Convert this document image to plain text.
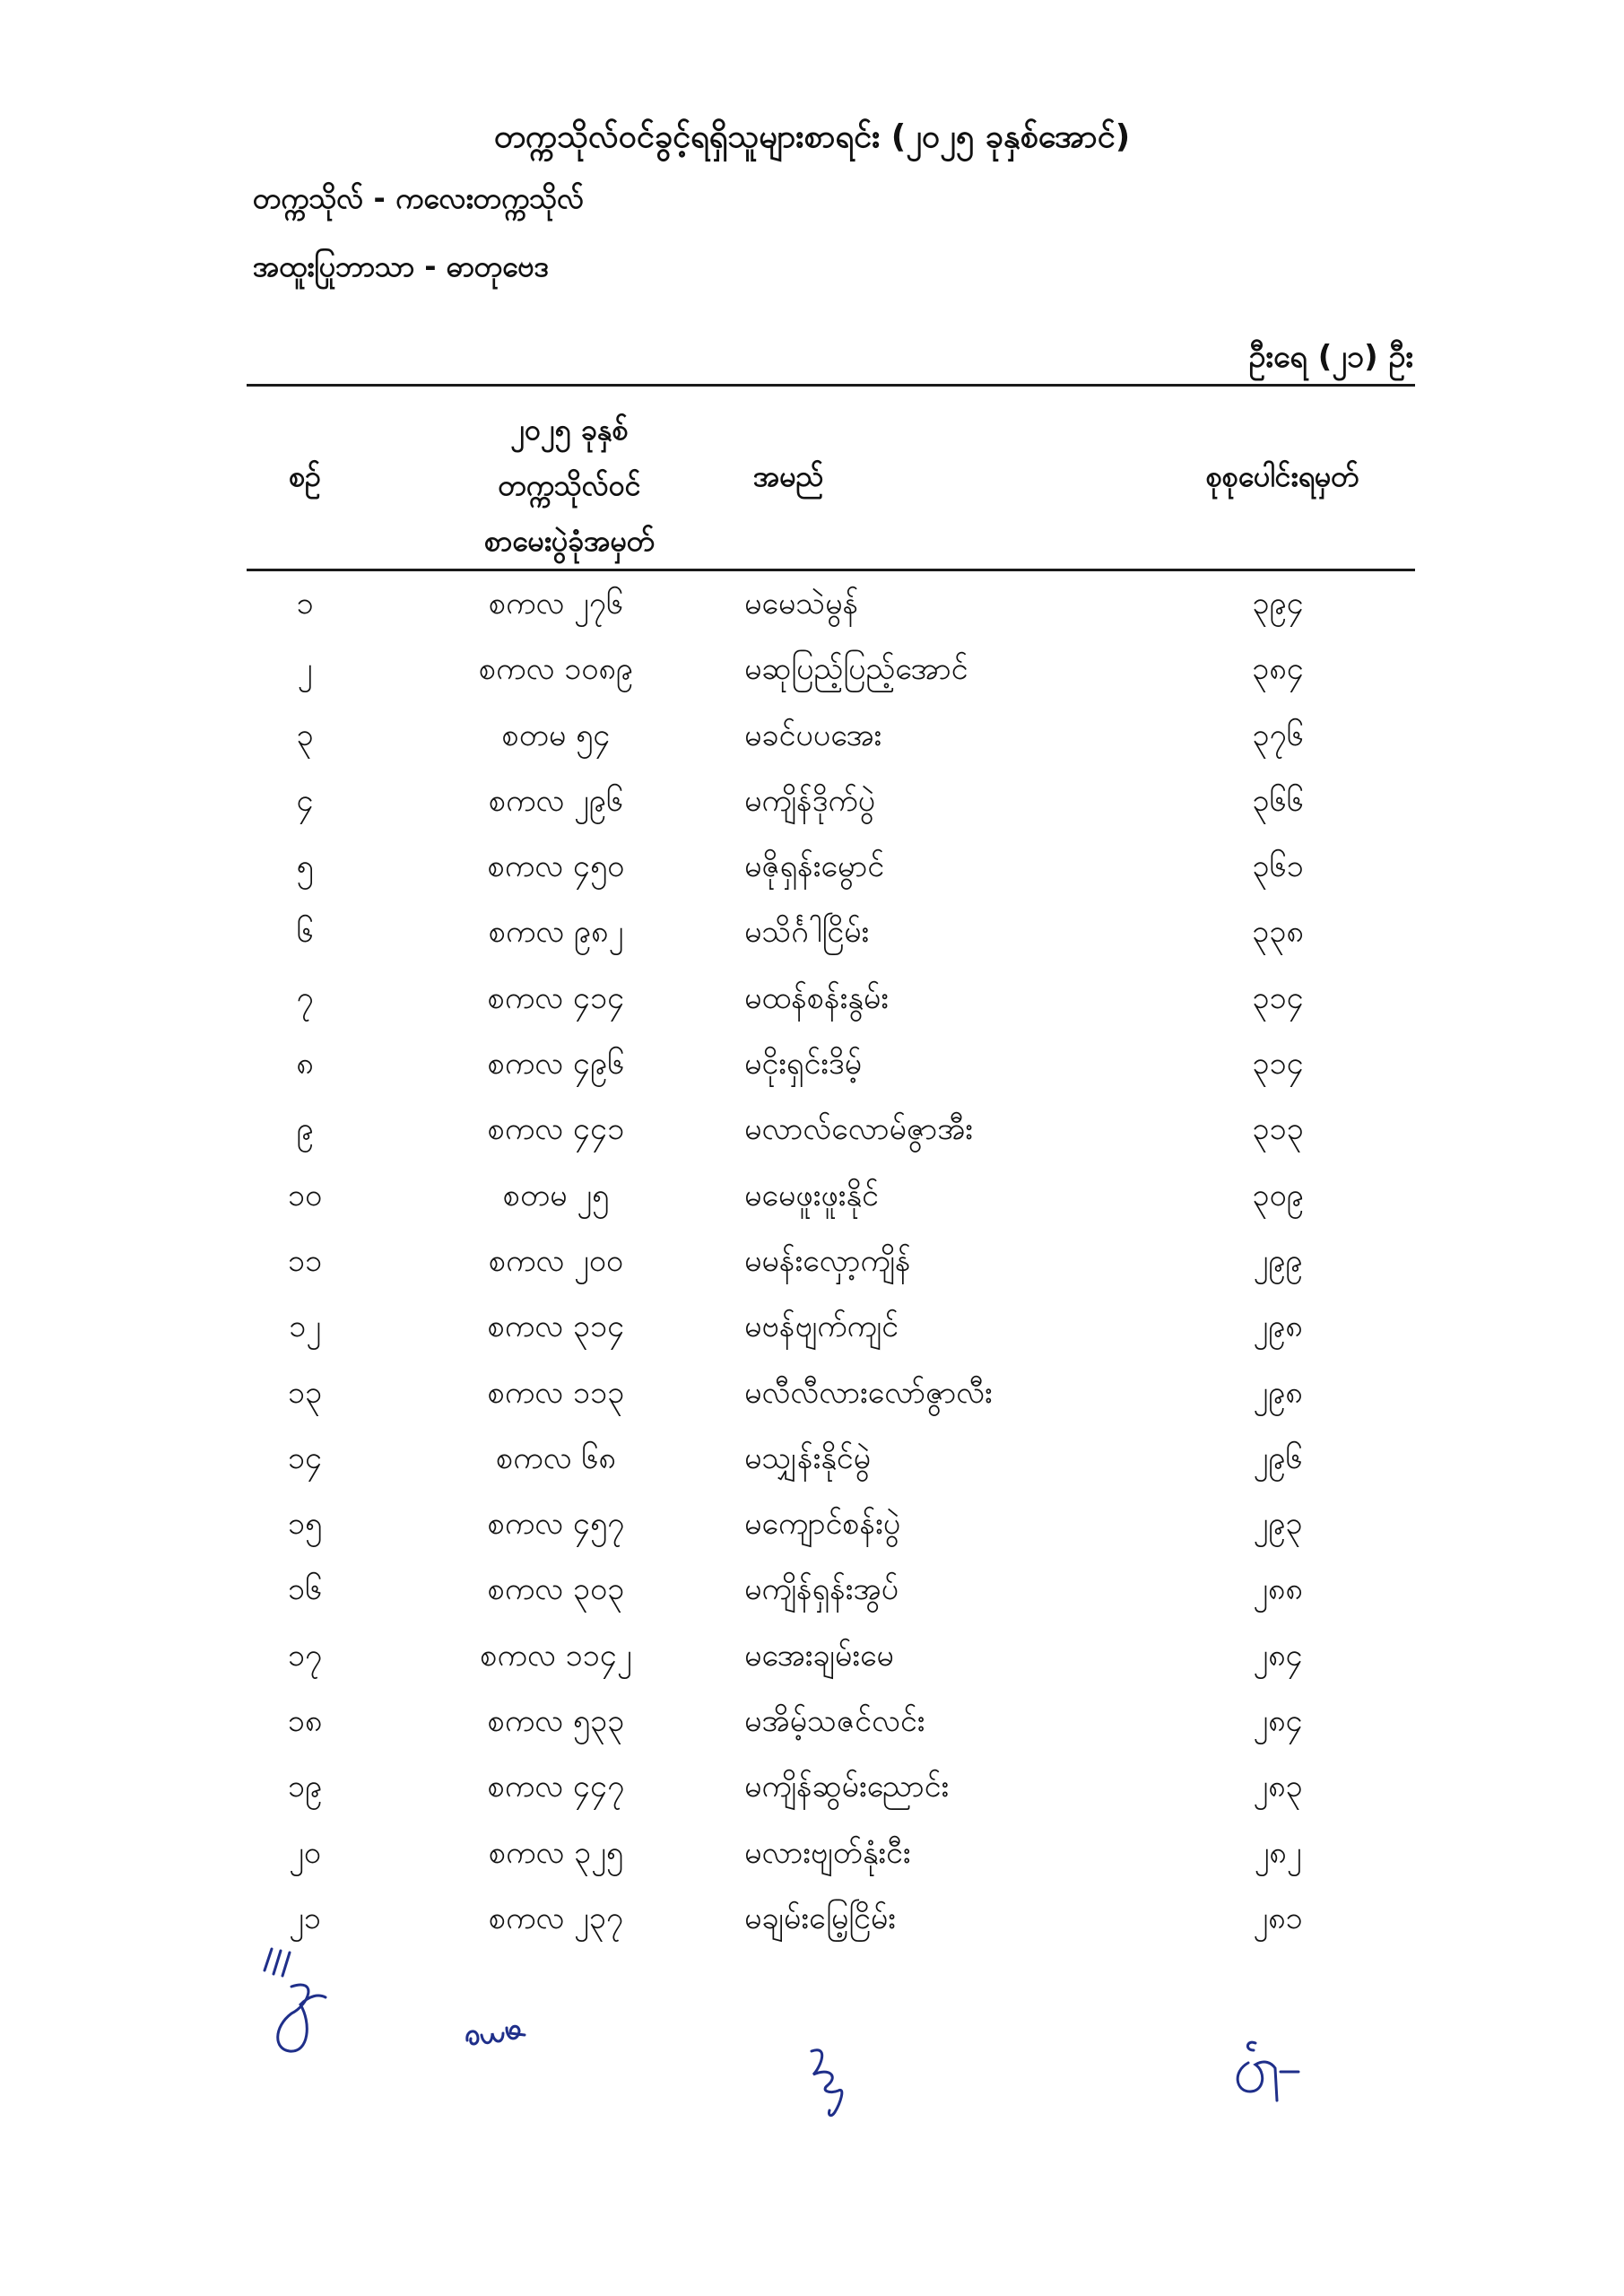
တက္ကသိုလ်ဝင်ခွင့်ရရှိသူများစာရင်း (၂၀၂၅ ခုနှစ်အောင်)
တက္ကသိုလ် - ကလေးတက္ကသိုလ်
အထူးပြုဘာသာ - ဓာတုဗေဒ
ဦးရေ (၂၁) ဦး
စဉ်
၂၀၂၅ ခုနှစ်
တက္ကသိုလ်ဝင်
စာမေးပွဲခုံအမှတ်
အမည်	စုစုပေါင်းရမှတ်
၁	စကလ ၂၇၆	မမေသဲမွန်	၃၉၄
၂	စကလ ၁၀၈၉	မဆုပြည့်ပြည့်အောင်	၃၈၄
၃	စတမ ၅၄	မခင်ပပအေး	၃၇၆
၄	စကလ ၂၉၆	မကျိန်ဒိုက်ပွဲ	၃၆၆
၅	စကလ ၄၅၀	မဇိုရှန်းမွောင်	၃၆၁
၆	စကလ ၉၈၂	မသိင်္ဂါငြိမ်း	၃၃၈
၇	စကလ ၄၁၄	မထန်စန်းနွမ်း	၃၁၄
၈	စကလ ၄၉၆	မငိုးရှင်းဒိမ့်	၃၁၄
၉	စကလ ၄၄၁	မလာလ်လောမ်ဇွာအီး	၃၁၃
၁၀	စတမ ၂၅	မမေဖူးဖူးနိုင်	၃၀၉
၁၁	စကလ ၂၀၀	မမန်းလှော့ကျိန်	၂၉၉
၁၂	စကလ ၃၁၄	မဗန်ဗျက်ကျင်	၂၉၈
၁၃	စကလ ၁၁၃	မလီလီလားလော်ဇွာလီး	၂၉၈
၁၄	စကလ ၆၈	မသျှန်းနိုင်မွဲ	၂၉၆
၁၅	စကလ ၄၅၇	မကျောင်စန်းပွဲ	၂၉၃
၁၆	စကလ ၃၀၃	မကျိန်ရှန်းအွပ်	၂၈၈
၁၇	စကလ ၁၁၄၂	မအေးချမ်းမေ	၂၈၄
၁၈	စကလ ၅၃၃	မအိမ့်သဇင်လင်း	၂၈၄
၁၉	စကလ ၄၄၇	မကျိန်ဆွမ်းညောင်း	၂၈၃
၂၀	စကလ ၃၂၅	မလားဗျတ်နုံးငီး	၂၈၂
၂၁	စကလ ၂၃၇	မချမ်းမြေ့ငြိမ်း	၂၈၁
